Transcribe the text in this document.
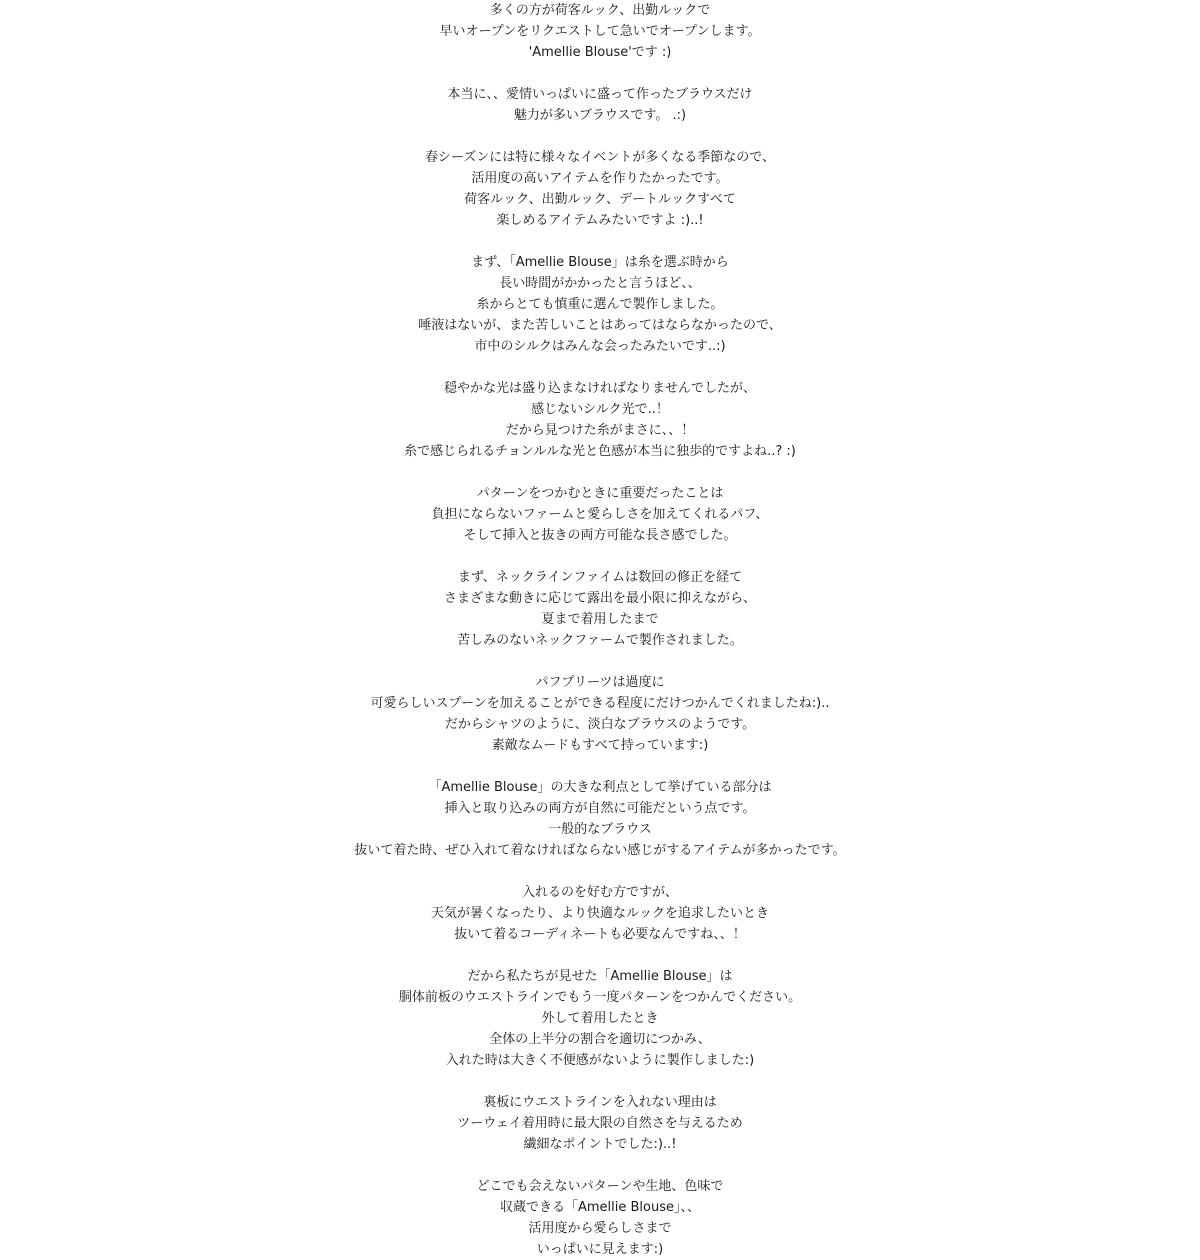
多くの方が荷客ルック、出勤ルックで
早いオープンをリクエストして急いでオープンします。
'Amellie Blouse'です :)
本当に、、愛情いっぱいに盛って作ったブラウスだけ
魅力が多いブラウスです。 .:)
春シーズンには特に様々なイベントが多くなる季節なので、
活用度の高いアイテムを作りたかったです。
荷客ルック、出勤ルック、デートルックすべて
楽しめるアイテムみたいですよ :)..!
まず、「Amellie Blouse」は糸を選ぶ時から
長い時間がかかったと言うほど、、
糸からとても慎重に選んで製作しました。
唾液はないが、また苦しいことはあってはならなかったので、
市中のシルクはみんな会ったみたいです..:)
穏やかな光は盛り込まなければなりませんでしたが、
感じないシルク光で..！
だから見つけた糸がまさに、、！
糸で感じられるチョンルルな光と色感が本当に独歩的ですよね..? :)
パターンをつかむときに重要だったことは
負担にならないファームと愛らしさを加えてくれるパフ、
そして挿入と抜きの両方可能な長さ感でした。
まず、ネックラインファイムは数回の修正を経て
さまざまな動きに応じて露出を最小限に抑えながら、
夏まで着用したまで
苦しみのないネックファームで製作されました。
パフプリーツは過度に
可愛らしいスプーンを加えることができる程度にだけつかんでくれましたね:)..
だからシャツのように、淡白なブラウスのようです。
素敵なムードもすべて持っています:)
「Amellie Blouse」の大きな利点として挙げている部分は
挿入と取り込みの両方が自然に可能だという点です。
一般的なブラウス
抜いて着た時、ぜひ入れて着なければならない感じがするアイテムが多かったです。
入れるのを好む方ですが、
天気が暑くなったり、より快適なルックを追求したいとき
抜いて着るコーディネートも必要なんですね、、！
だから私たちが見せた「Amellie Blouse」は
胴体前板のウエストラインでもう一度パターンをつかんでください。
外して着用したとき
全体の上半分の割合を適切につかみ、
入れた時は大きく不便感がないように製作しました:)
裏板にウエストラインを入れない理由は
ツーウェイ着用時に最大限の自然さを与えるため
繊細なポイントでした:)..!
どこでも会えないパターンや生地、色味で
収蔵できる「Amellie Blouse」、、
活用度から愛らしさまで
いっぱいに見えます:)
